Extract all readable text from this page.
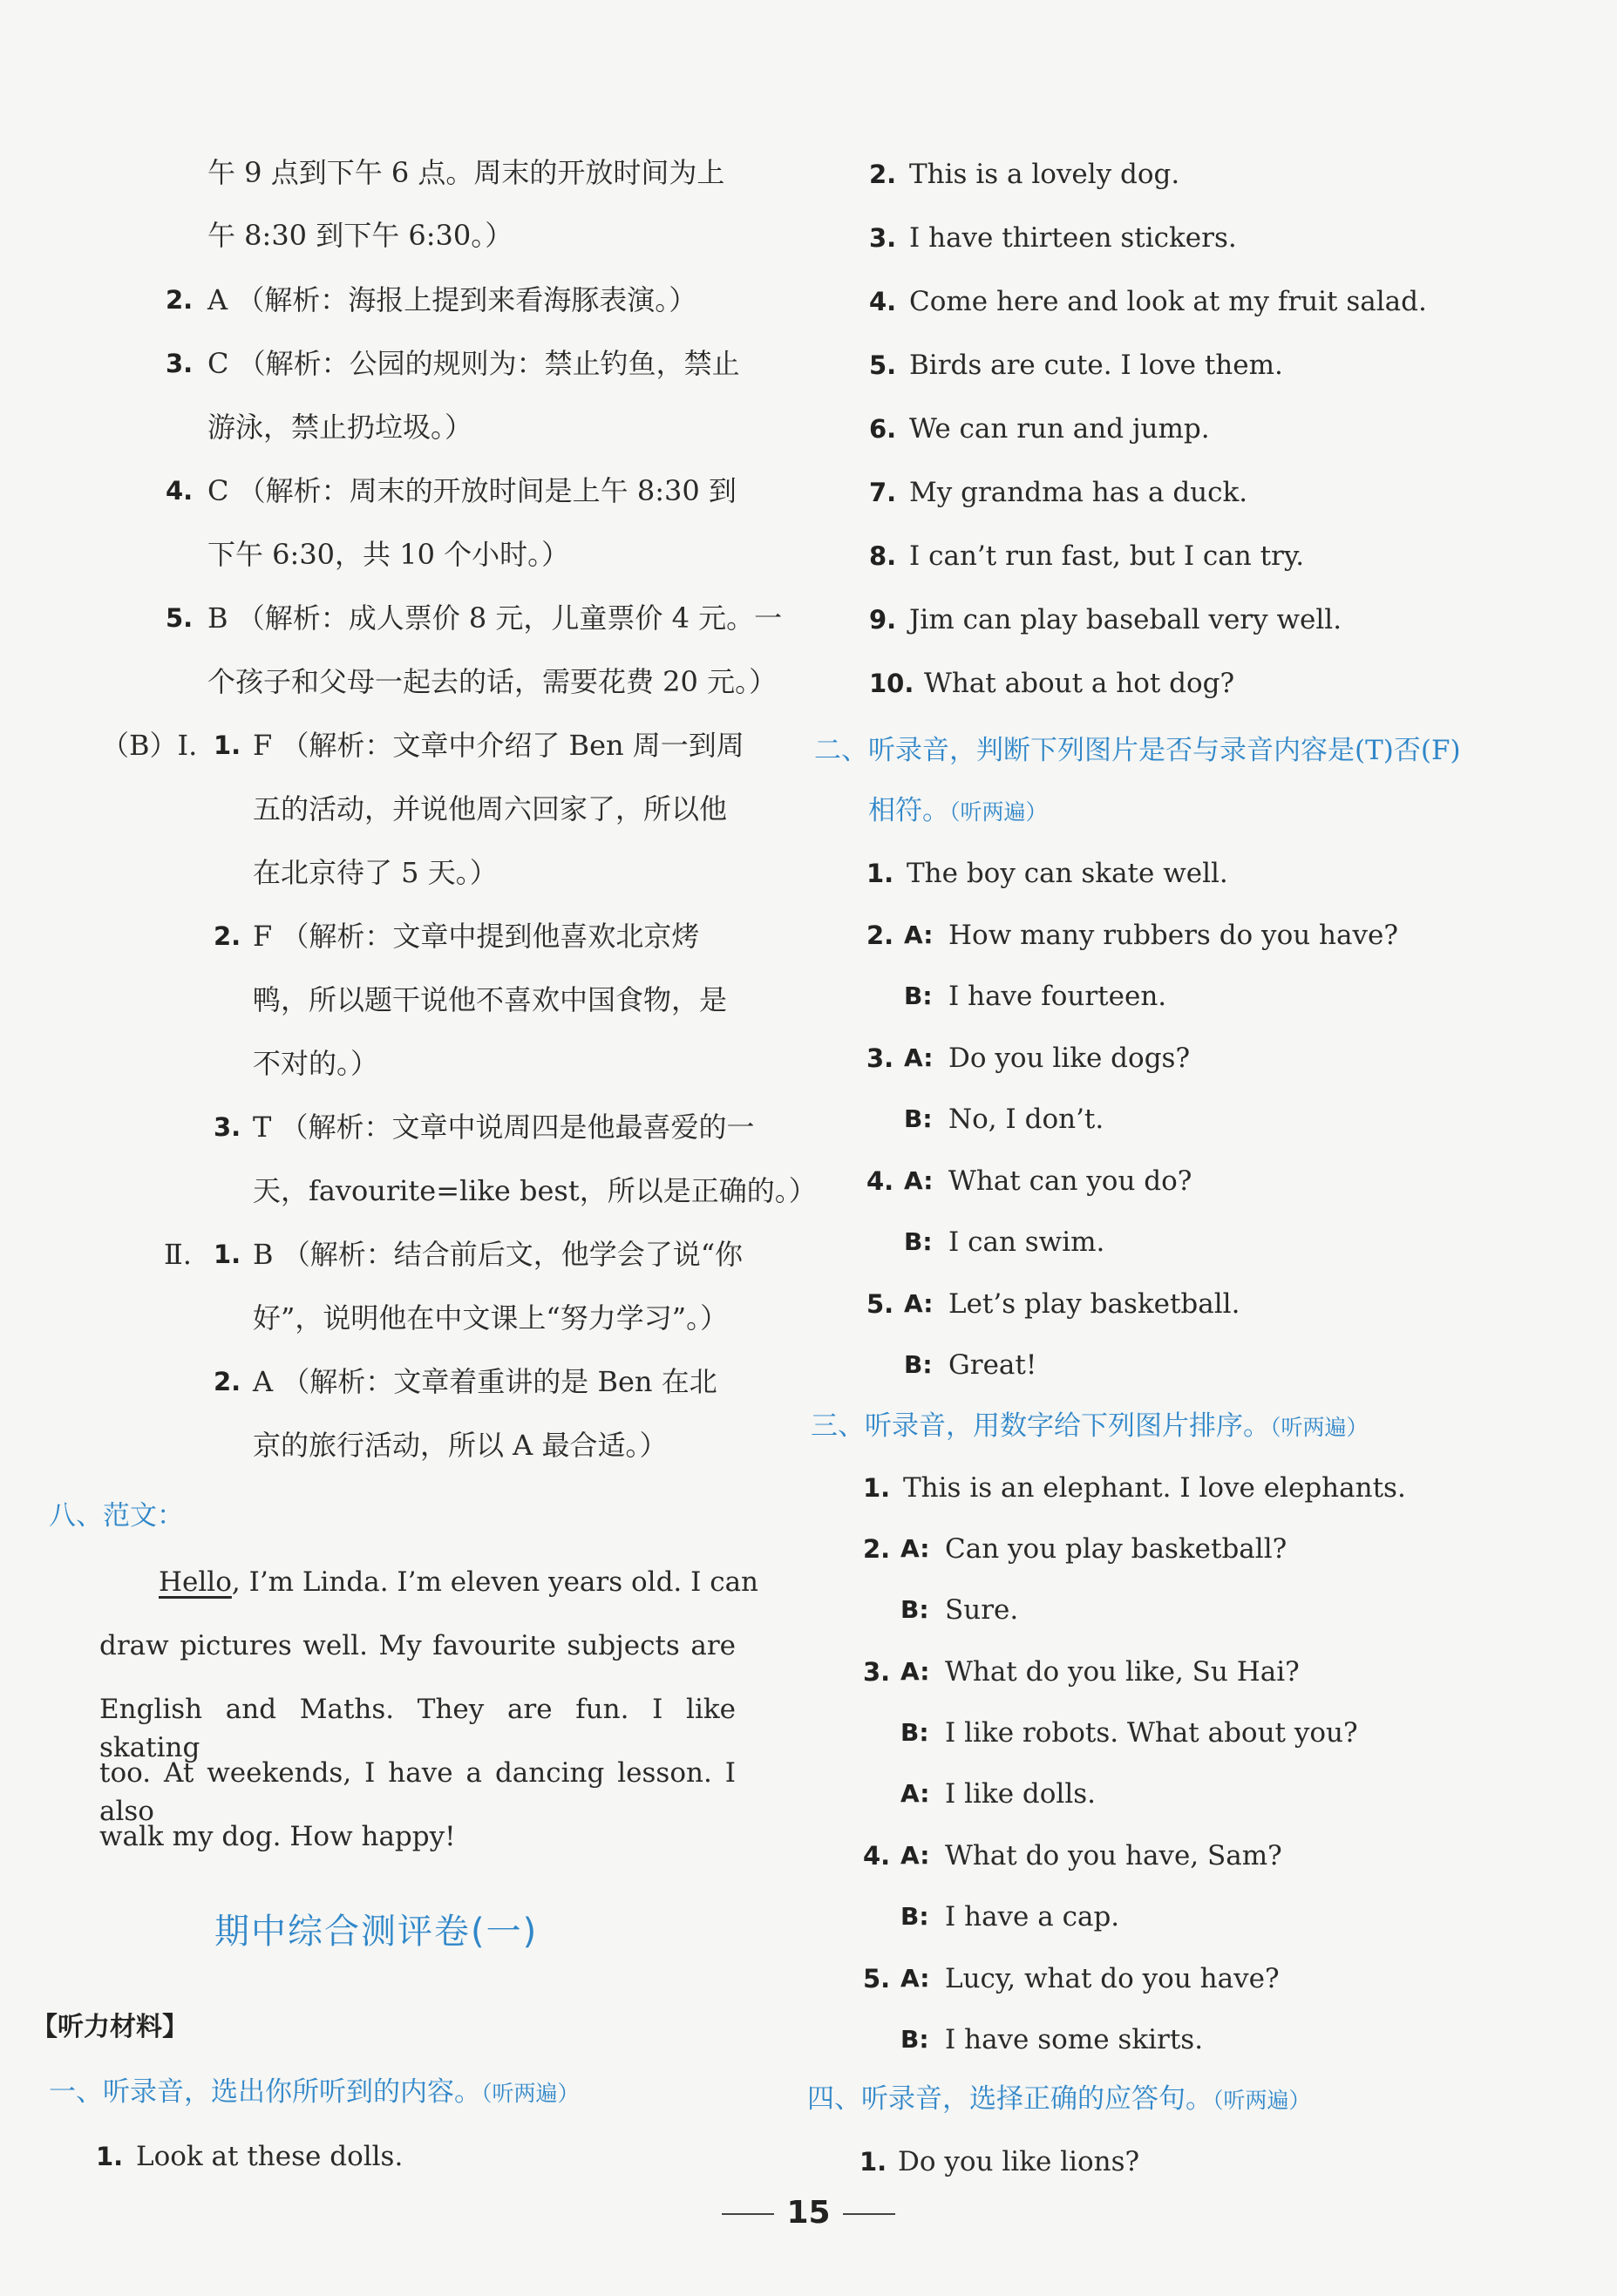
午 9 点到下午 6 点。周末的开放时间为上
午 8:30 到下午 6:30。）
2. A （解析：海报上提到来看海豚表演。）
3. C （解析：公园的规则为：禁止钓鱼，禁止
游泳，禁止扔垃圾。）
4. C （解析：周末的开放时间是上午 8:30 到
下午 6:30，共 10 个小时。）
5. B （解析：成人票价 8 元，儿童票价 4 元。一
个孩子和父母一起去的话，需要花费 20 元。）
（B）Ⅰ. 1. F （解析：文章中介绍了 Ben 周一到周
五的活动，并说他周六回家了，所以他
在北京待了 5 天。）
2. F （解析：文章中提到他喜欢北京烤
鸭，所以题干说他不喜欢中国食物，是
不对的。）
3. T （解析：文章中说周四是他最喜爱的一
天，favourite=like best，所以是正确的。）
Ⅱ. 1. B （解析：结合前后文，他学会了说“你
好”，说明他在中文课上“努力学习”。）
2. A （解析：文章着重讲的是 Ben 在北
京的旅行活动，所以 A 最合适。）
八、范文：
Hello, I’m Linda. I’m eleven years old. I can
draw pictures well. My favourite subjects are
English and Maths. They are fun. I like skating
too. At weekends, I have a dancing lesson. I also
walk my dog. How happy!
期中综合测评卷(一)
【听力材料】
一、听录音，选出你所听到的内容。（听两遍）
1. Look at these dolls.
2. This is a lovely dog.
3. I have thirteen stickers.
4. Come here and look at my fruit salad.
5. Birds are cute. I love them.
6. We can run and jump.
7. My grandma has a duck.
8. I can’t run fast, but I can try.
9. Jim can play baseball very well.
10. What about a hot dog?
二、听录音，判断下列图片是否与录音内容是(T)否(F)
相符。（听两遍）
1. The boy can skate well.
2. A: How many rubbers do you have?
B: I have fourteen.
3. A: Do you like dogs?
B: No, I don’t.
4. A: What can you do?
B: I can swim.
5. A: Let’s play basketball.
B: Great!
三、听录音，用数字给下列图片排序。（听两遍）
1. This is an elephant. I love elephants.
2. A: Can you play basketball?
B: Sure.
3. A: What do you like, Su Hai?
B: I like robots. What about you?
A: I like dolls.
4. A: What do you have, Sam?
B: I have a cap.
5. A: Lucy, what do you have?
B: I have some skirts.
四、听录音，选择正确的应答句。（听两遍）
1. Do you like lions?
15
